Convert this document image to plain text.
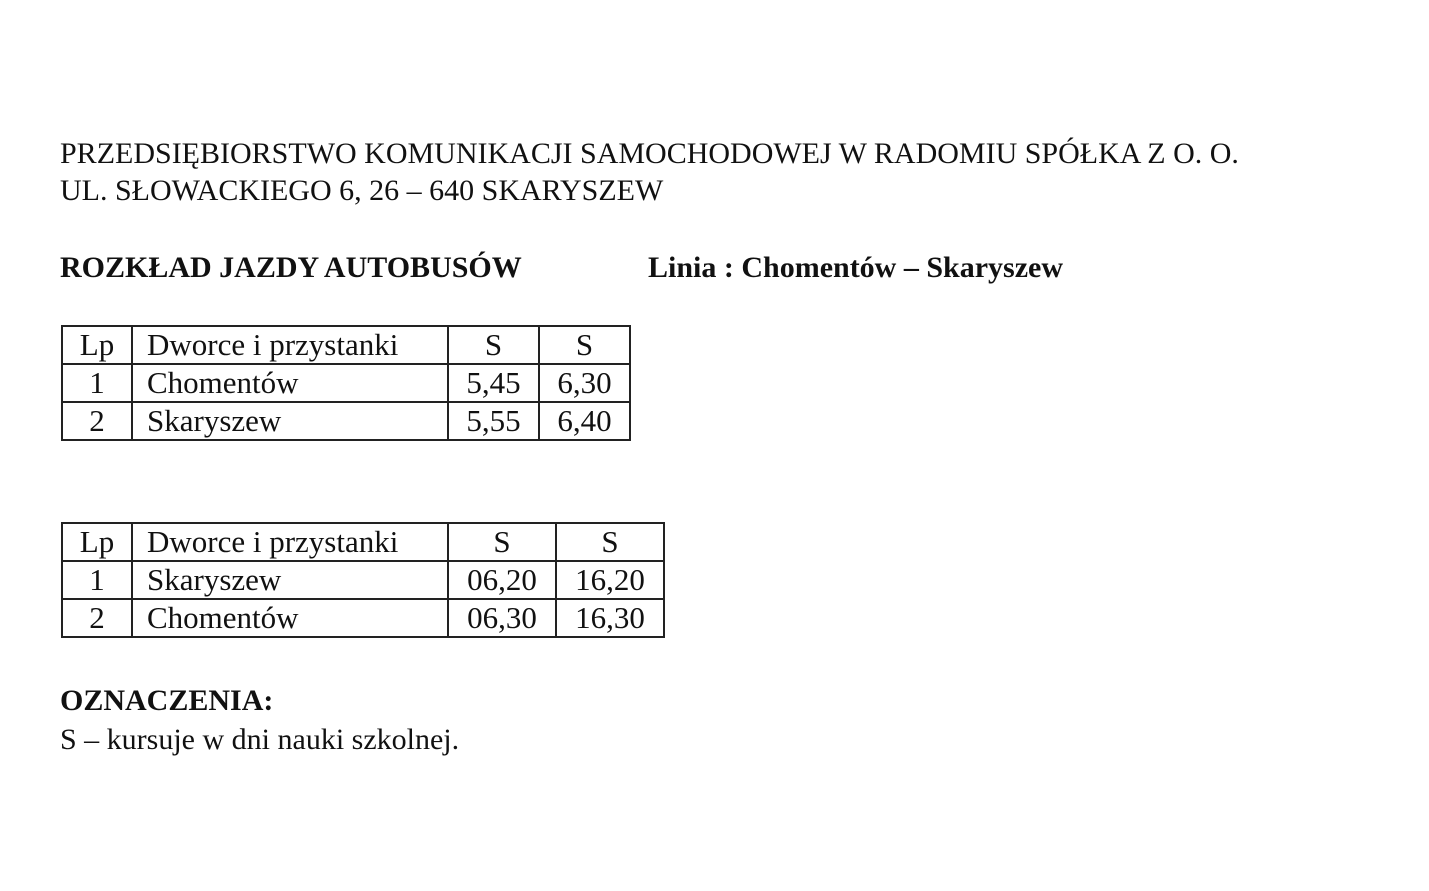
PRZEDSIĘBIORSTWO KOMUNIKACJI SAMOCHODOWEJ W RADOMIU SPÓŁKA Z O. O.
UL. SŁOWACKIEGO 6, 26 – 640 SKARYSZEW
ROZKŁAD JAZDY AUTOBUSÓW	Linia : Chomentów – Skaryszew
Lp	Dworce i przystanki	S	S
1	Chomentów	5,45	6,30
2	Skaryszew	5,55	6,40
Lp	Dworce i przystanki	S	S
1	Skaryszew	06,20	16,20
2	Chomentów	06,30	16,30
OZNACZENIA:
S – kursuje w dni nauki szkolnej.
